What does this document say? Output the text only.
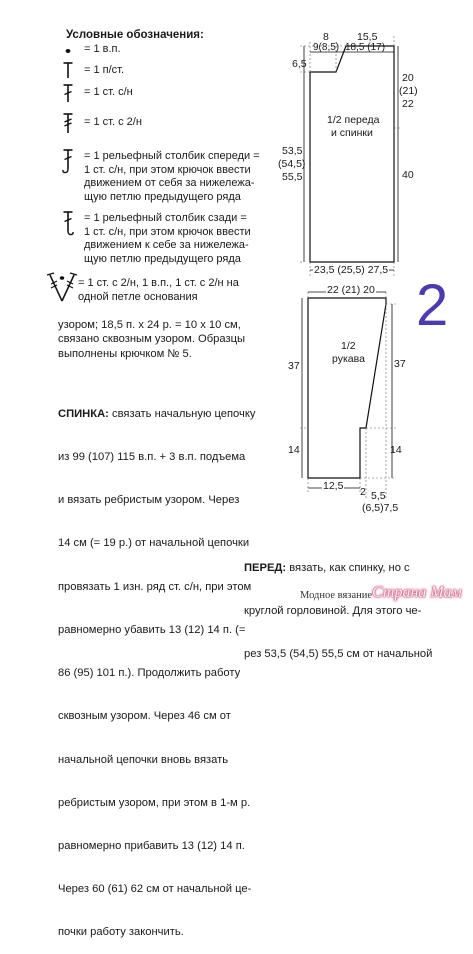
Условные обозначения:
= 1 в.п.
= 1 п/ст.
= 1 ст. с/н
= 1 ст. с 2/н
= 1 рельефный столбик спереди =
1 ст. с/н, при этом крючок ввести
движением от себя за нижележа-
щую петлю предыдущего ряда
= 1 рельефный столбик сзади =
1 ст. с/н, при этом крючок ввести
движением к себе за нижележа-
щую петлю предыдущего ряда
= 1 ст. с 2/н, 1 в.п., 1 ст. с 2/н на
одной петле основания
узором; 18,5 п. х 24 р. = 10 х 10 см,
связано сквозным узором. Образцы
выполнены крючком № 5.

СПИНКА: связать начальную цепочку

из 99 (107) 115 в.п. + 3 в.п. подъема

и вязать ребристым узором. Через

14 см (= 19 р.) от начальной цепочки

провязать 1 изн. ряд ст. с/н, при этом

равномерно убавить 13 (12) 14 п. (=

86 (95) 101 п.). Продолжить работу

сквозным узором. Через 46 см от

начальной цепочки вновь вязать

ребристым узором, при этом в 1-м р.

равномерно прибавить 13 (12) 14 п.

Через 60 (61) 62 см от начальной це-

почки работу закончить.

ПЕРЕД: вязать, как спинку, но с

круглой горловиной. Для этого че-

рез 53,5 (54,5) 55,5 см от начальной

8
9(8,5)
15,5
18,5 (17)
6,5
20
(21)
22
40
53,5
(54,5)
55,5
23,5 (25,5) 27,5
1/2 переда
и спинки
2
22 (21) 20
37	37
14	14
12,5 2 5,5
(6,5)7,5
1/2
рукава
Модное вязание Страна Мам
